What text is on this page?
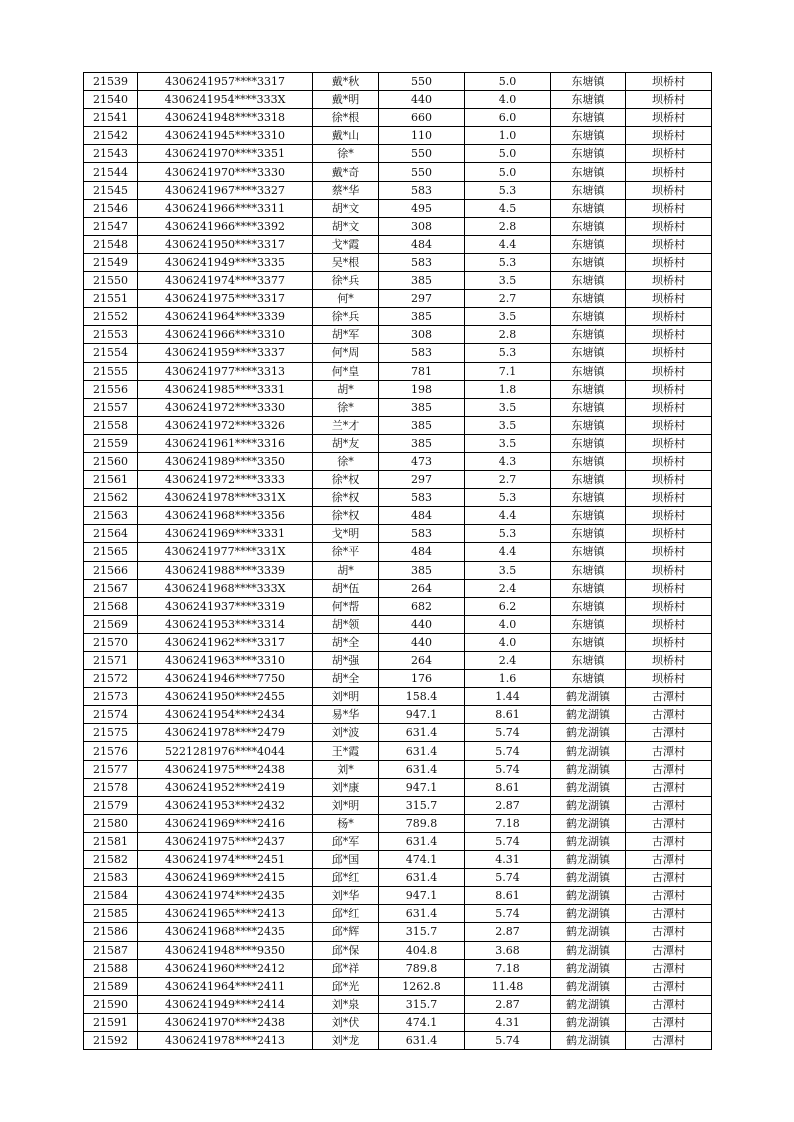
21539	4306241957****3317	戴*秋	550	5.0	东塘镇	坝桥村
21540	4306241954****333X	戴*明	440	4.0	东塘镇	坝桥村
21541	4306241948****3318	徐*根	660	6.0	东塘镇	坝桥村
21542	4306241945****3310	戴*山	110	1.0	东塘镇	坝桥村
21543	4306241970****3351	徐*	550	5.0	东塘镇	坝桥村
21544	4306241970****3330	戴*奇	550	5.0	东塘镇	坝桥村
21545	4306241967****3327	蔡*华	583	5.3	东塘镇	坝桥村
21546	4306241966****3311	胡*文	495	4.5	东塘镇	坝桥村
21547	4306241966****3392	胡*文	308	2.8	东塘镇	坝桥村
21548	4306241950****3317	戈*霞	484	4.4	东塘镇	坝桥村
21549	4306241949****3335	吴*根	583	5.3	东塘镇	坝桥村
21550	4306241974****3377	徐*兵	385	3.5	东塘镇	坝桥村
21551	4306241975****3317	何*	297	2.7	东塘镇	坝桥村
21552	4306241964****3339	徐*兵	385	3.5	东塘镇	坝桥村
21553	4306241966****3310	胡*军	308	2.8	东塘镇	坝桥村
21554	4306241959****3337	何*周	583	5.3	东塘镇	坝桥村
21555	4306241977****3313	何*皇	781	7.1	东塘镇	坝桥村
21556	4306241985****3331	胡*	198	1.8	东塘镇	坝桥村
21557	4306241972****3330	徐*	385	3.5	东塘镇	坝桥村
21558	4306241972****3326	兰*才	385	3.5	东塘镇	坝桥村
21559	4306241961****3316	胡*友	385	3.5	东塘镇	坝桥村
21560	4306241989****3350	徐*	473	4.3	东塘镇	坝桥村
21561	4306241972****3333	徐*权	297	2.7	东塘镇	坝桥村
21562	4306241978****331X	徐*权	583	5.3	东塘镇	坝桥村
21563	4306241968****3356	徐*权	484	4.4	东塘镇	坝桥村
21564	4306241969****3331	戈*明	583	5.3	东塘镇	坝桥村
21565	4306241977****331X	徐*平	484	4.4	东塘镇	坝桥村
21566	4306241988****3339	胡*	385	3.5	东塘镇	坝桥村
21567	4306241968****333X	胡*伍	264	2.4	东塘镇	坝桥村
21568	4306241937****3319	何*帮	682	6.2	东塘镇	坝桥村
21569	4306241953****3314	胡*领	440	4.0	东塘镇	坝桥村
21570	4306241962****3317	胡*全	440	4.0	东塘镇	坝桥村
21571	4306241963****3310	胡*强	264	2.4	东塘镇	坝桥村
21572	4306241946****7750	胡*全	176	1.6	东塘镇	坝桥村
21573	4306241950****2455	刘*明	158.4	1.44	鹤龙湖镇	古潭村
21574	4306241954****2434	易*华	947.1	8.61	鹤龙湖镇	古潭村
21575	4306241978****2479	刘*波	631.4	5.74	鹤龙湖镇	古潭村
21576	5221281976****4044	王*霞	631.4	5.74	鹤龙湖镇	古潭村
21577	4306241975****2438	刘*	631.4	5.74	鹤龙湖镇	古潭村
21578	4306241952****2419	刘*康	947.1	8.61	鹤龙湖镇	古潭村
21579	4306241953****2432	刘*明	315.7	2.87	鹤龙湖镇	古潭村
21580	4306241969****2416	杨*	789.8	7.18	鹤龙湖镇	古潭村
21581	4306241975****2437	邱*军	631.4	5.74	鹤龙湖镇	古潭村
21582	4306241974****2451	邱*国	474.1	4.31	鹤龙湖镇	古潭村
21583	4306241969****2415	邱*红	631.4	5.74	鹤龙湖镇	古潭村
21584	4306241974****2435	刘*华	947.1	8.61	鹤龙湖镇	古潭村
21585	4306241965****2413	邱*红	631.4	5.74	鹤龙湖镇	古潭村
21586	4306241968****2435	邱*辉	315.7	2.87	鹤龙湖镇	古潭村
21587	4306241948****9350	邱*保	404.8	3.68	鹤龙湖镇	古潭村
21588	4306241960****2412	邱*祥	789.8	7.18	鹤龙湖镇	古潭村
21589	4306241964****2411	邱*光	1262.8	11.48	鹤龙湖镇	古潭村
21590	4306241949****2414	刘*泉	315.7	2.87	鹤龙湖镇	古潭村
21591	4306241970****2438	刘*伏	474.1	4.31	鹤龙湖镇	古潭村
21592	4306241978****2413	刘*龙	631.4	5.74	鹤龙湖镇	古潭村
